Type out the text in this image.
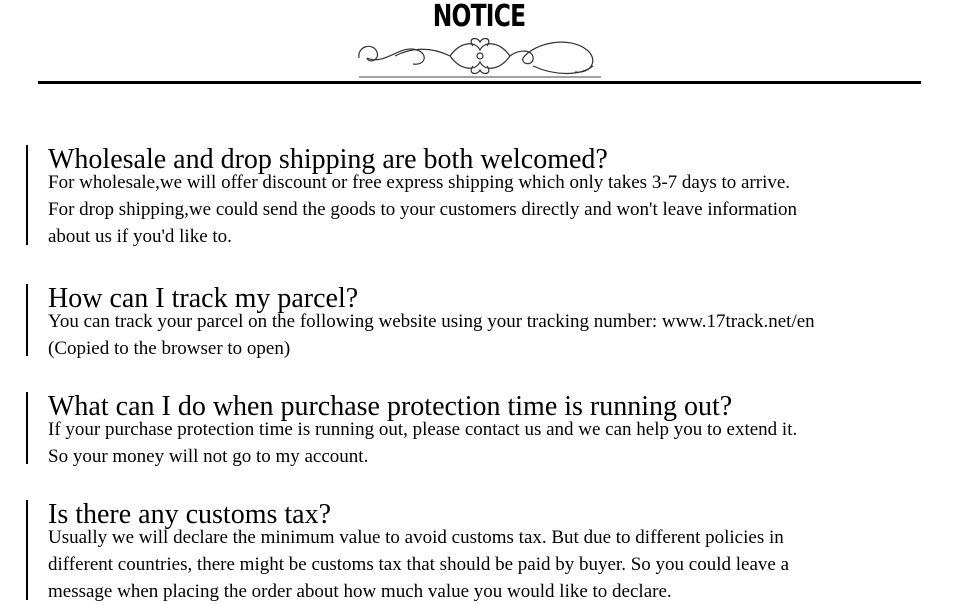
NOTICE
Wholesale and drop shipping are both welcomed?

For wholesale,we will offer discount or free express shipping which only takes 3-7 days to arrive.

For drop shipping,we could send the goods to your customers directly and won't leave information

about us if you'd like to.

How can I track my parcel?

You can track your parcel on the following website using your tracking number: www.17track.net/en

(Copied to the browser to open)

What can I do when purchase protection time is running out?

If your purchase protection time is running out, please contact us and we can help you to extend it.

So your money will not go to my account.

Is there any customs tax?

Usually we will declare the minimum value to avoid customs tax. But due to different policies in

different countries, there might be customs tax that should be paid by buyer. So you could leave a

message when placing the order about how much value you would like to declare.
